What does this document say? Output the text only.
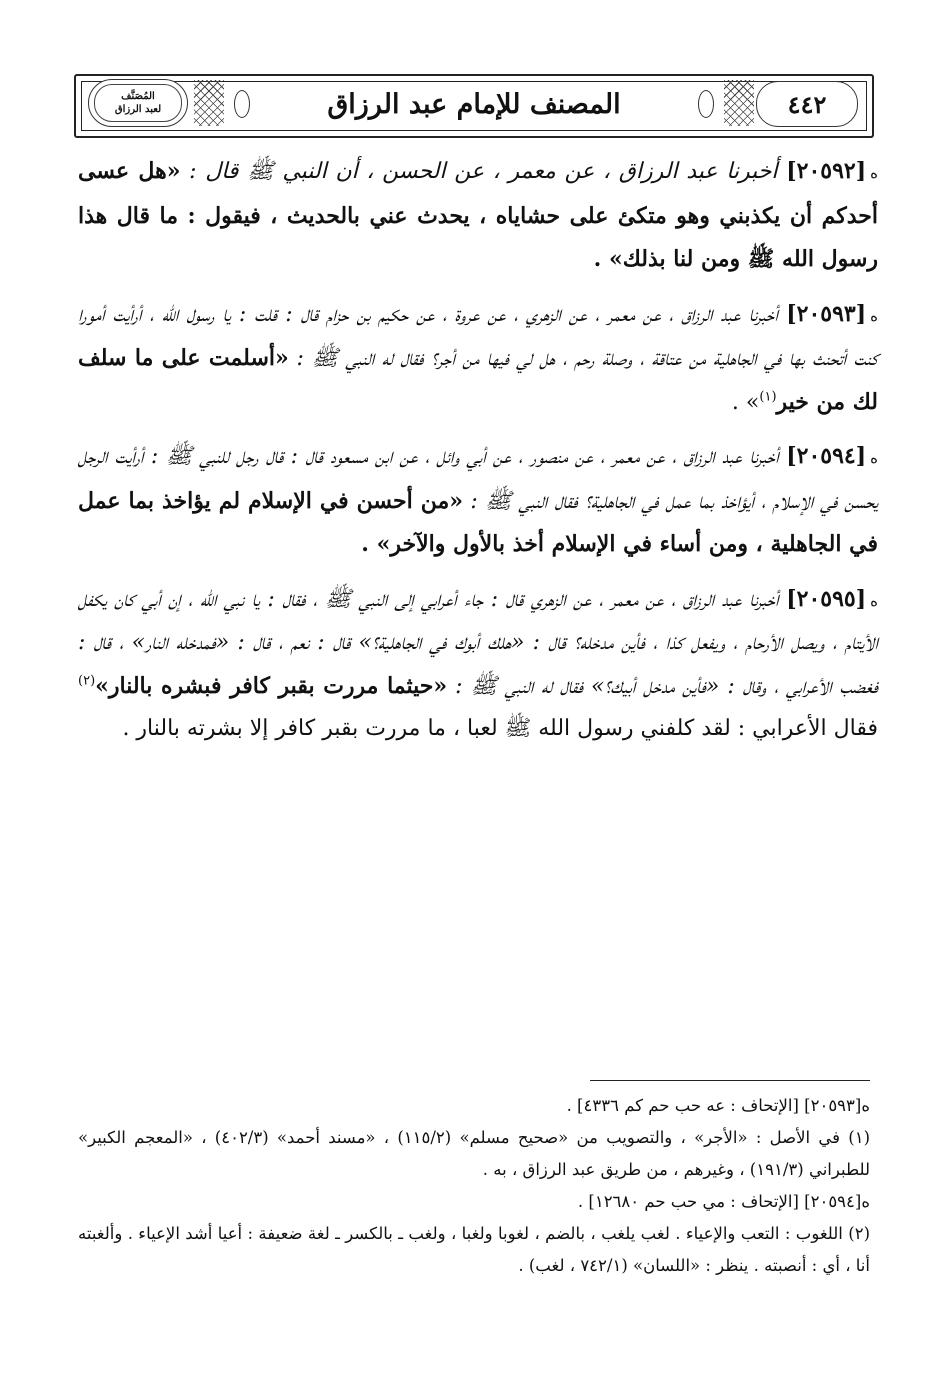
المصنف للإمام عبد الرزاق	٤٤٢
المُصَنَّف
لعبد الرزاق

ه[٢٠٥٩٢] أخبرنا عبد الرزاق ، عن معمر ، عن الحسن ، أن النبي ﷺ قال : «هل عسى أحدكم أن يكذبني وهو متكئ على حشاياه ، يحدث عني بالحديث ، فيقول : ما قال هذا رسول الله ﷺ ومن لنا بذلك» .

ه[٢٠٥٩٣] أخبرنا عبد الرزاق ، عن معمر ، عن الزهري ، عن عروة ، عن حكيم بن حزام قال : قلت : يا رسول الله ، أرأيت أمورا كنت أتحنث بها في الجاهلية من عتاقة ، وصلة رحم ، هل لي فيها من أجر؟ فقال له النبي ﷺ : «أسلمت على ما سلف لك من خير$^{(١)}$» .

ه[٢٠٥٩٤] أخبرنا عبد الرزاق ، عن معمر ، عن منصور ، عن أبي وائل ، عن ابن مسعود قال : قال رجل للنبي ﷺ : أرأيت الرجل يحسن في الإسلام ، أيؤاخذ بما عمل في الجاهلية؟ فقال النبي ﷺ : «من أحسن في الإسلام لم يؤاخذ بما عمل في الجاهلية ، ومن أساء في الإسلام أخذ بالأول والآخر» .

ه[٢٠٥٩٥] أخبرنا عبد الرزاق ، عن معمر ، عن الزهري قال : جاء أعرابي إلى النبي ﷺ ، فقال : يا نبي الله ، إن أبي كان يكفل الأيتام ، ويصل الأرحام ، ويفعل كذا ، فأين مدخله؟ قال : «هلك أبوك في الجاهلية؟» قال : نعم ، قال : «فمدخله النار» ، قال : فغضب الأعرابي ، وقال : «فأين مدخل أبيك؟» فقال له النبي ﷺ : «حيثما مررت بقبر كافر فبشره بالنار»$^{(٢)}$ فقال الأعرابي : لقد كلفني رسول الله ﷺ لعبا ، ما مررت بقبر كافر إلا بشرته بالنار .

ه[٢٠٥٩٣] [الإتحاف : عه حب حم كم ٤٣٣٦] .

(١) في الأصل : «الأجر» ، والتصويب من «صحيح مسلم» (١١٥/٢) ، «مسند أحمد» (٤٠٢/٣) ، «المعجم الكبير» للطبراني (١٩١/٣) ، وغيرهم ، من طريق عبد الرزاق ، به .

ه[٢٠٥٩٤] [الإتحاف : مي حب حم ١٢٦٨٠] .

(٢) اللغوب : التعب والإعياء . لغب يلغب ، بالضم ، لغوبا ولغبا ، ولغب ـ بالكسر ـ لغة ضعيفة : أعيا أشد الإعياء . وألغبته أنا ، أي : أنصبته . ينظر : «اللسان» (٧٤٢/١ ، لغب) .
